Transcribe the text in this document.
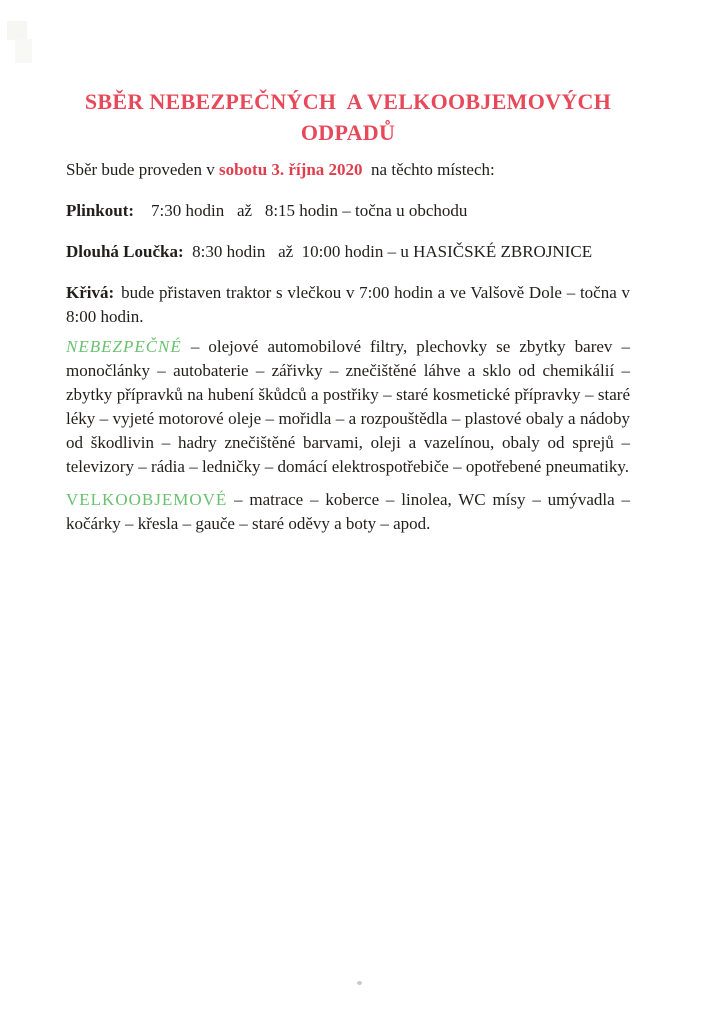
SBĚR NEBEZPEČNÝCH  A VELKOOBJEMOVÝCH
ODPADŮ

Sběr bude proveden v sobotu 3. října 2020  na těchto místech:

Plinkout:    7:30 hodin   až   8:15 hodin – točna u obchodu

Dlouhá Loučka:  8:30 hodin   až  10:00 hodin – u HASIČSKÉ ZBROJNICE

Křivá: bude přistaven traktor s vlečkou v 7:00 hodin a ve Valšově Dole – točna v 8:00 hodin.

NEBEZPEČNÉ – olejové automobilové filtry, plechovky se zbytky barev – monočlánky – autobaterie – zářivky – znečištěné láhve a sklo od chemikálií – zbytky přípravků na hubení škůdců a postřiky – staré kosmetické přípravky – staré léky – vyjeté motorové oleje – mořidla – a rozpouštědla – plastové obaly a nádoby od škodlivin – hadry znečištěné barvami, oleji a vazelínou, obaly od sprejů – televizory – rádia – ledničky – domácí elektrospotřebiče – opotřebené pneumatiky.

VELKOOBJEMOVÉ – matrace – koberce – linolea, WC mísy – umývadla – kočárky – křesla – gauče – staré oděvy a boty – apod.
